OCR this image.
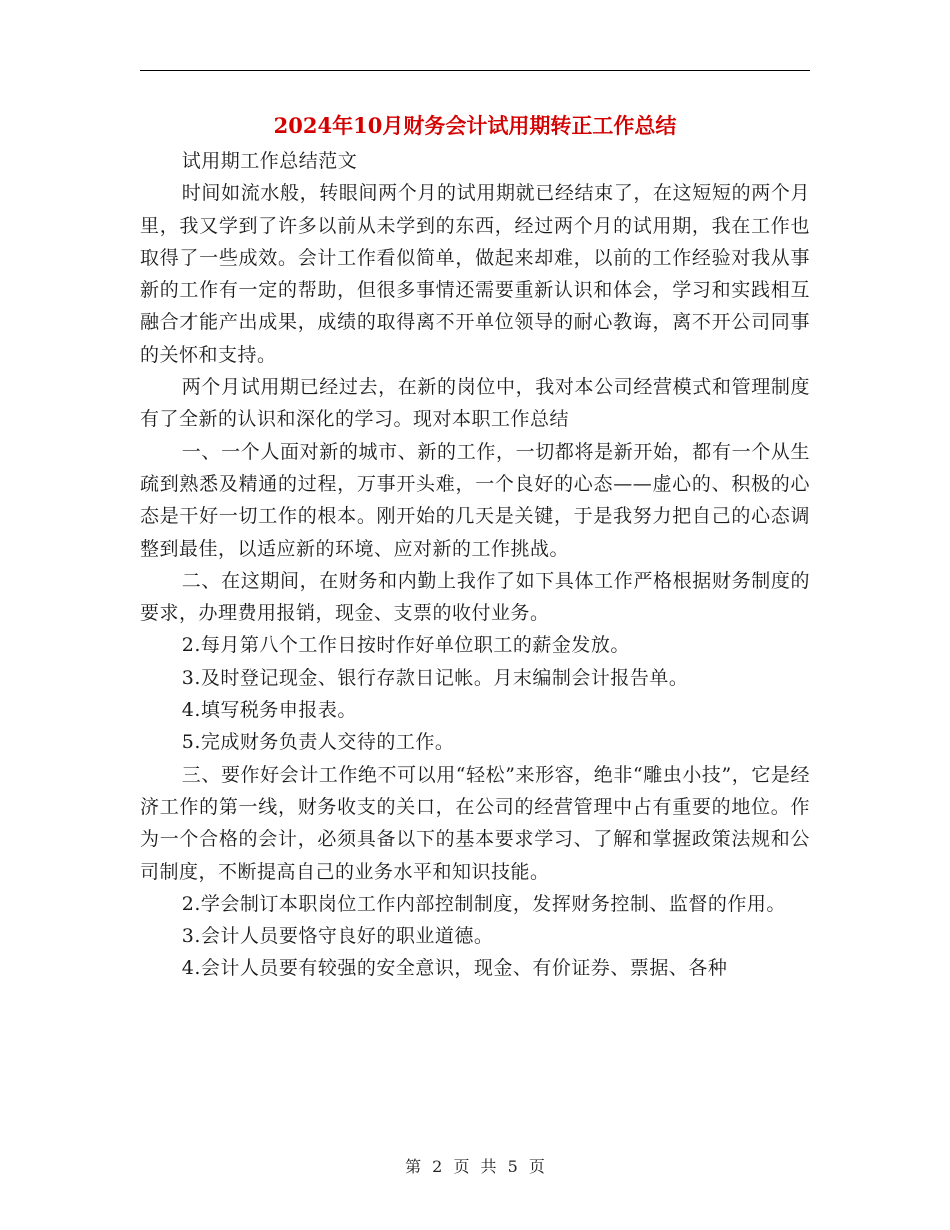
2024年10月财务会计试用期转正工作总结

试用期工作总结范文

时间如流水般，转眼间两个月的试用期就已经结束了，在这短短的两个月里，我又学到了许多以前从未学到的东西，经过两个月的试用期，我在工作也取得了一些成效。会计工作看似简单，做起来却难，以前的工作经验对我从事新的工作有一定的帮助，但很多事情还需要重新认识和体会，学习和实践相互融合才能产出成果，成绩的取得离不开单位领导的耐心教诲，离不开公司同事的关怀和支持。

两个月试用期已经过去，在新的岗位中，我对本公司经营模式和管理制度有了全新的认识和深化的学习。现对本职工作总结

一、一个人面对新的城市、新的工作，一切都将是新开始，都有一个从生疏到熟悉及精通的过程，万事开头难，一个良好的心态——虚心的、积极的心态是干好一切工作的根本。刚开始的几天是关键，于是我努力把自己的心态调整到最佳，以适应新的环境、应对新的工作挑战。

二、在这期间，在财务和内勤上我作了如下具体工作严格根据财务制度的要求，办理费用报销，现金、支票的收付业务。

2.每月第八个工作日按时作好单位职工的薪金发放。

3.及时登记现金、银行存款日记帐。月末编制会计报告单。

4.填写税务申报表。

5.完成财务负责人交待的工作。

三、要作好会计工作绝不可以用“轻松”来形容，绝非“雕虫小技”，它是经济工作的第一线，财务收支的关口，在公司的经营管理中占有重要的地位。作为一个合格的会计，必须具备以下的基本要求学习、了解和掌握政策法规和公司制度，不断提高自己的业务水平和知识技能。

2.学会制订本职岗位工作内部控制制度，发挥财务控制、监督的作用。

3.会计人员要恪守良好的职业道德。

4.会计人员要有较强的安全意识，现金、有价证券、票据、各种

第 2 页 共 5 页
